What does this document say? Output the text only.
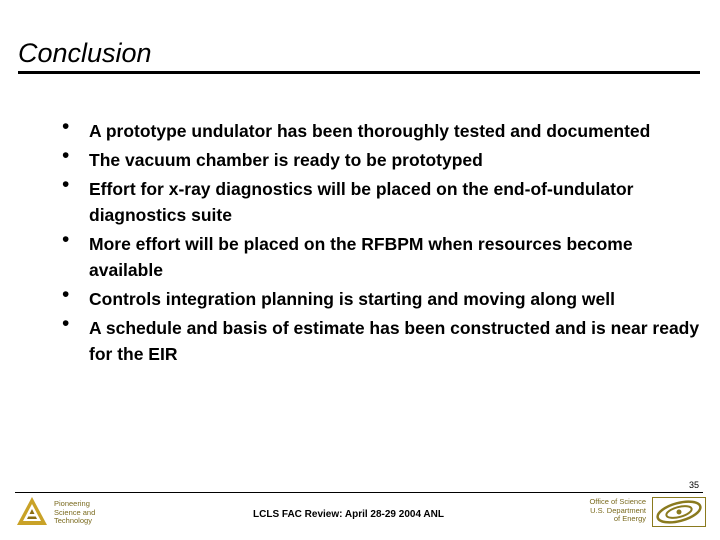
Conclusion
• A prototype undulator has been thoroughly tested and documented
• The vacuum chamber is ready to be prototyped
• Effort for x-ray diagnostics will be placed on the end-of-undulator diagnostics suite
• More effort will be placed on the RFBPM when resources become available
• Controls integration planning is starting and moving along well
• A schedule and basis of estimate has been constructed and is near ready for the EIR
35
Pioneering
Science and
Technology
LCLS FAC Review: April 28-29 2004 ANL
Office of Science
U.S. Department
of Energy
